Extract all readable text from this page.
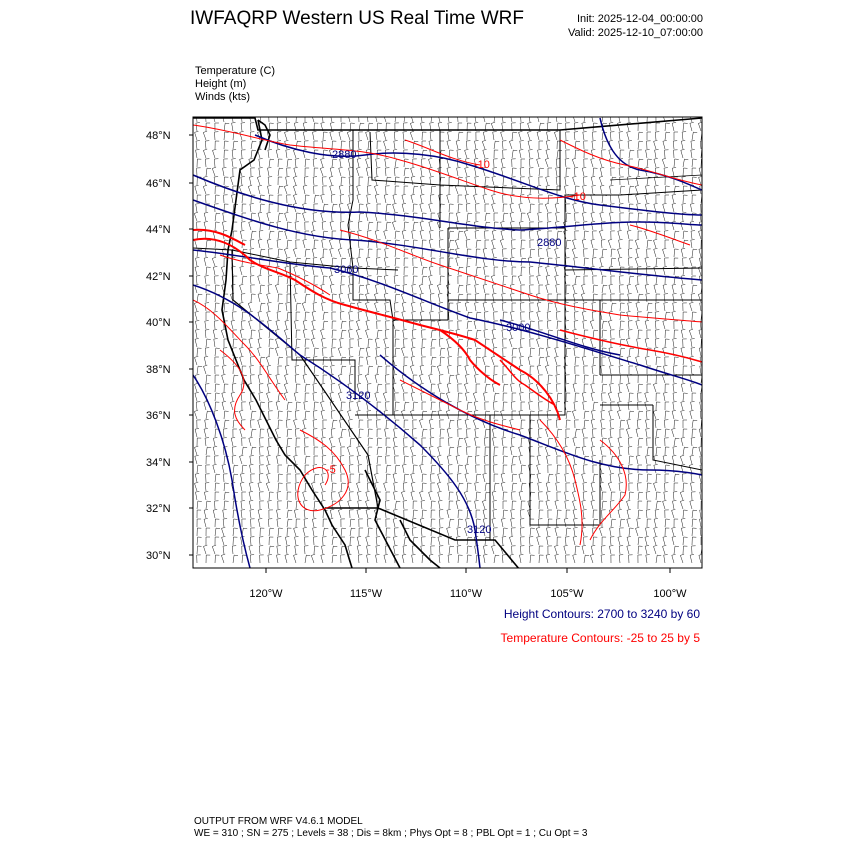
IWFAQRP Western US Real Time WRF	Init: 2025-12-04_00:00:00
Valid: 2025-12-10_07:00:00
Temperature (C)
Height (m)
Winds (kts)
2880
2880
3060
3000
3120
3120
-10
-10
-5
48°N
46°N
44°N
42°N
40°N
38°N
36°N
34°N
32°N
30°N
120°W	115°W	110°W	105°W	100°W
Height Contours: 2700 to 3240 by 60
Temperature Contours: -25 to 25 by 5
OUTPUT FROM WRF V4.6.1 MODEL
WE = 310 ; SN = 275 ; Levels = 38 ; Dis = 8km ; Phys Opt = 8 ; PBL Opt = 1 ; Cu Opt = 3
